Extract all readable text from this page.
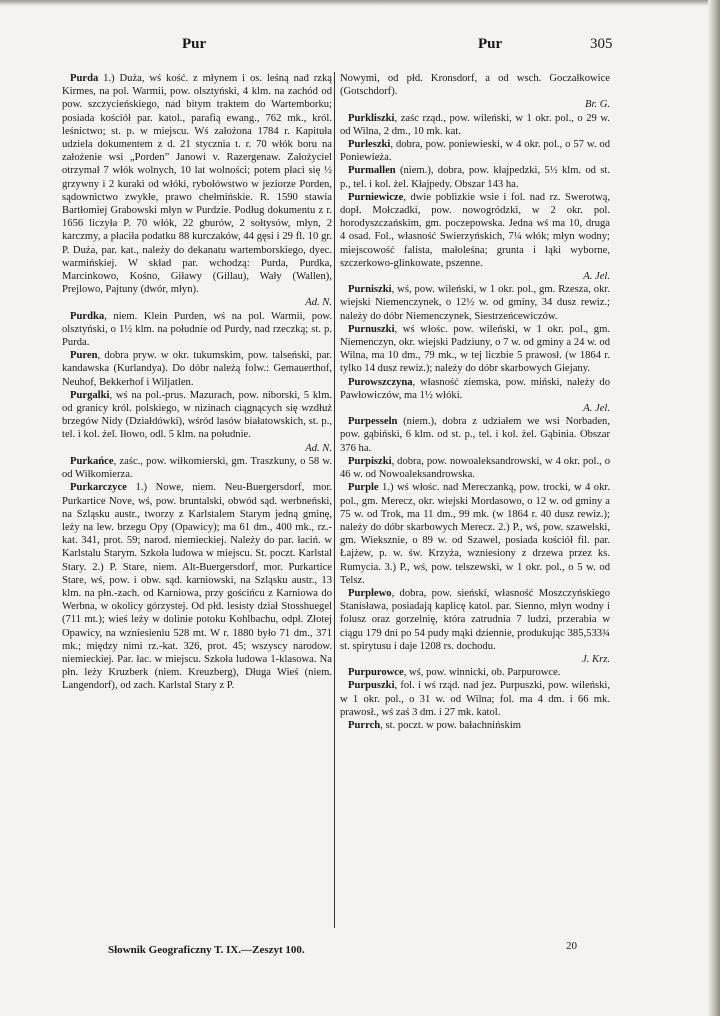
Pur	Pur	305

Purda 1.) Duża, wś kość. z młynem i os. leśną nad rzką Kirmes, na pol. Warmii, pow. olsztyński, 4 klm. na zachód od pow. szczycieńskiego, nad bitym traktem do Wartemborku; posiada kościół par. katol., parafią ewang., 762 mk., król. leśnictwo; st. p. w miejscu. Wś założona 1784 r. Kapituła udziela dokumentem z d. 21 stycznia t. r. 70 włók boru na założenie wsi „Porden” Janowi v. Razergenaw. Założyciel otrzymał 7 włók wolnych, 10 lat wolności; potem płaci się ½ grzywny i 2 kuraki od włóki, rybołówstwo w jeziorze Porden, sądownictwo zwykłe, prawo chełmińskie. R. 1590 stawia Bartłomiej Grabowski młyn w Purdzie. Podług dokumentu z r. 1656 liczyła P. 70 włók, 22 gburów, 2 sołtysów, młyn, 2 karczmy, a płaciła podatku 88 kurczaków, 44 gęsi i 29 fl. 10 gr. P. Duża, par. kat., należy do dekanatu wartemborskiego, dyec. warmińskiej. W skład par. wchodzą: Purda, Purdka, Marcinkowo, Kośno, Giławy (Gillau), Wały (Wallen), Prejlowo, Pajtuny (dwór, młyn).
Ad. N.

Purdka, niem. Klein Purden, wś na pol. Warmii, pow. olsztyński, o 1½ klm. na południe od Purdy, nad rzeczką; st. p. Purda.

Puren, dobra pryw. w okr. tukumskim, pow. talseński, par. kandawska (Kurlandya). Do dóbr należą folw.: Gemauerthof, Neuhof, Bekkerhof i Wiljatlen.

Purgalki, wś na pol.-prus. Mazurach, pow. niborski, 5 klm. od granicy król. polskiego, w nizinach ciągnących się wzdłuż brzegów Nidy (Działdówki), wśród lasów białatowskich, st. p., tel. i kol. żel. Iłowo, odl. 5 klm. na południe.
Ad. N.

Purkańce, zaśc., pow. wiłkomierski, gm. Traszkuny, o 58 w. od Wiłkomierza.

Purkarczyce 1.) Nowe, niem. Neu-Buergersdorf, mor. Purkartice Nove, wś, pow. bruntalski, obwód sąd. werbneński, na Szląsku austr., tworzy z Karlstalem Starym jedną gminę, leży na lew. brzegu Opy (Opawicy); ma 61 dm., 400 mk., rz.-kat. 341, prot. 59; narod. niemieckiej. Należy do par. łaciń. w Karlstalu Starym. Szkoła ludowa w miejscu. St. poczt. Karlstal Stary. 2.) P. Stare, niem. Alt-Buergersdorf, mor. Purkartice Stare, wś, pow. i obw. sąd. karniowski, na Szląsku austr., 13 klm. na płn.-zach. od Karniowa, przy gościńcu z Karniowa do Werbna, w okolicy górzystej. Od płd. lesisty dział Stosshuegel (711 mt.); wieś leży w dolinie potoku Kohlbachu, odpł. Złotej Opawicy, na wzniesieniu 528 mt. W r. 1880 było 71 dm., 371 mk.; między nimi rz.-kat. 326, prot. 45; wszyscy narodow. niemieckiej. Par. łac. w miejscu. Szkoła ludowa 1-klasowa. Na płn. leży Kruzberk (niem. Kreuzberg), Długa Wieś (niem. Langendorf), od zach. Karlstal Stary z P.

Nowymi, od płd. Kronsdorf, a od wsch. Goczałkowice (Gotschdorf).
Br. G.

Purkliszki, zaśc rząd., pow. wileński, w 1 okr. pol., o 29 w. od Wilna, 2 dm., 10 mk. kat.

Purleszki, dobra, pow. poniewieski, w 4 okr. pol., o 57 w. od Poniewieża.

Purmallen (niem.), dobra, pow. kłajpedzki, 5½ klm. od st. p., tel. i kol. żel. Kłajpedy. Obszar 143 ha.

Purniewicze, dwie poblizkie wsie i fol. nad rz. Swerotwą, dopł. Mołczadki, pow. nowogródzki, w 2 okr. pol. horodyszczańskim, gm. poczepowska. Jedna wś ma 10, druga 4 osad. Fol., własność Swierzyńskich, 7¼ włók; młyn wodny; miejscowość falista, małoleśna; grunta i łąki wyborne, szczerkowo-glinkowate, pszenne.
A. Jel.

Purniszki, wś, pow. wileński, w 1 okr. pol., gm. Rzesza, okr. wiejski Niemenczynek, o 12½ w. od gminy, 34 dusz rewiz.; należy do dóbr Niemenczynek, Siestrzeńcewiczów.

Purnuszki, wś włośc. pow. wileński, w 1 okr. pol., gm. Niemenczyn, okr. wiejski Padziuny, o 7 w. od gminy a 24 w. od Wilna, ma 10 dm., 79 mk., w tej liczbie 5 prawosł. (w 1864 r. tylko 14 dusz rewiz.); należy do dóbr skarbowych Giejany.

Purowszczyna, własność ziemska, pow. miński, należy do Pawłowiczów, ma 1½ włóki.
A. Jel.

Purpesseln (niem.), dobra z udziałem we wsi Norbaden, pow. gąbiński, 6 klm. od st. p., tel. i kol. żel. Gąbinia. Obszar 376 ha.

Purpiszki, dobra, pow. nowoaleksandrowski, w 4 okr. pol., o 46 w. od Nowoaleksandrowska.

Purple 1.) wś włośc. nad Mereczanką, pow. trocki, w 4 okr. pol., gm. Merecz, okr. wiejski Mordasowo, o 12 w. od gminy a 75 w. od Trok, ma 11 dm., 99 mk. (w 1864 r. 40 dusz rewiz.); należy do dóbr skarbowych Merecz. 2.) P., wś, pow. szawelski, gm. Wieksznie, o 89 w. od Szawel, posiada kościół fil. par. Łajżew, p. w. św. Krzyża, wzniesiony z drzewa przez ks. Rumycia. 3.) P., wś, pow. telszewski, w 1 okr. pol., o 5 w. od Telsz.

Purplewo, dobra, pow. sieński, własność Moszczyńskiego Stanisława, posiadają kaplicę katol. par. Sienno, młyn wodny i folusz oraz gorzelnię, która zatrudnia 7 ludzi, przerabia w ciągu 179 dni po 54 pudy mąki dziennie, produkując 385,533¾ st. spirytusu i daje 1208 rs. dochodu.
J. Krz.

Purpurowce, wś, pow. winnicki, ob. Parpurowce.

Purpuszki, fol. i wś rząd. nad jez. Purpuszki, pow. wileński, w 1 okr. pol., o 31 w. od Wilna; fol. ma 4 dm. i 66 mk. prawosł., wś zaś 3 dm. i 27 mk. katol.

Purrch, st. poczt. w pow. bałachnińskim

Słownik Geograficzny T. IX.—Zeszyt 100.	20
